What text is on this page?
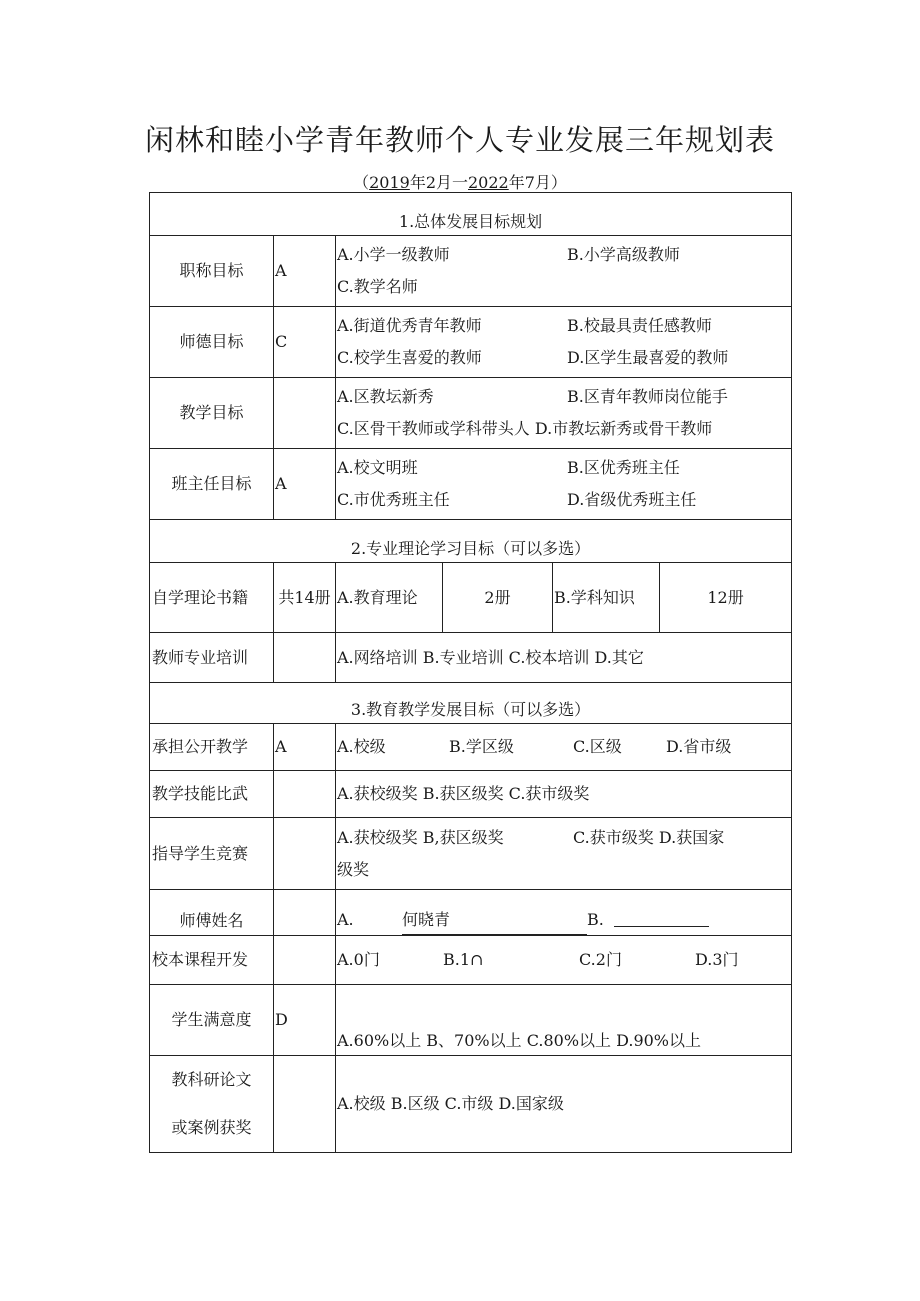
闲林和睦小学青年教师个人专业发展三年规划表
（2019年2月一2022年7月）
1.总体发展目标规划					
职称目标	A	A.小学一级教师 B.小学高级教师
C.教学名师			

师德目标	C	A.街道优秀青年教师 B.校最具责任感教师
C.校学生喜爱的教师 D.区学生最喜爱的教师			

教学目标		A.区教坛新秀 B.区青年教师岗位能手
C.区骨干教师或学科带头人 D.市教坛新秀或骨干教师			

班主任目标	A	A.校文明班 B.区优秀班主任
C.市优秀班主任 D.省级优秀班主任			

2.专业理论学习目标（可以多选）					
自学理论书籍	共14册	A.教育理论	2册	B.学科知识	12册
教师专业培训		A.网络培训 B.专业培训 C.校本培训 D.其它			
3.教育教学发展目标（可以多选）					
承担公开教学	A	A.校级 B.学区级 C.区级 D.省市级			
教学技能比武		A.获校级奖 B.获区级奖 C.获市级奖			
指导学生竞赛		A.获校级奖 B,获区级奖 C.获市级奖 D.获国家
级奖			

师傅姓名		A. 何晓青 B.			
校本课程开发		A.0门 B.1∩ C.2门 D.3门			
学生满意度	D	A.60%以上 B、70%以上 C.80%以上 D.90%以上			

教科研论文
或案例获奖		A.校级 B.区级 C.市级 D.国家级			
